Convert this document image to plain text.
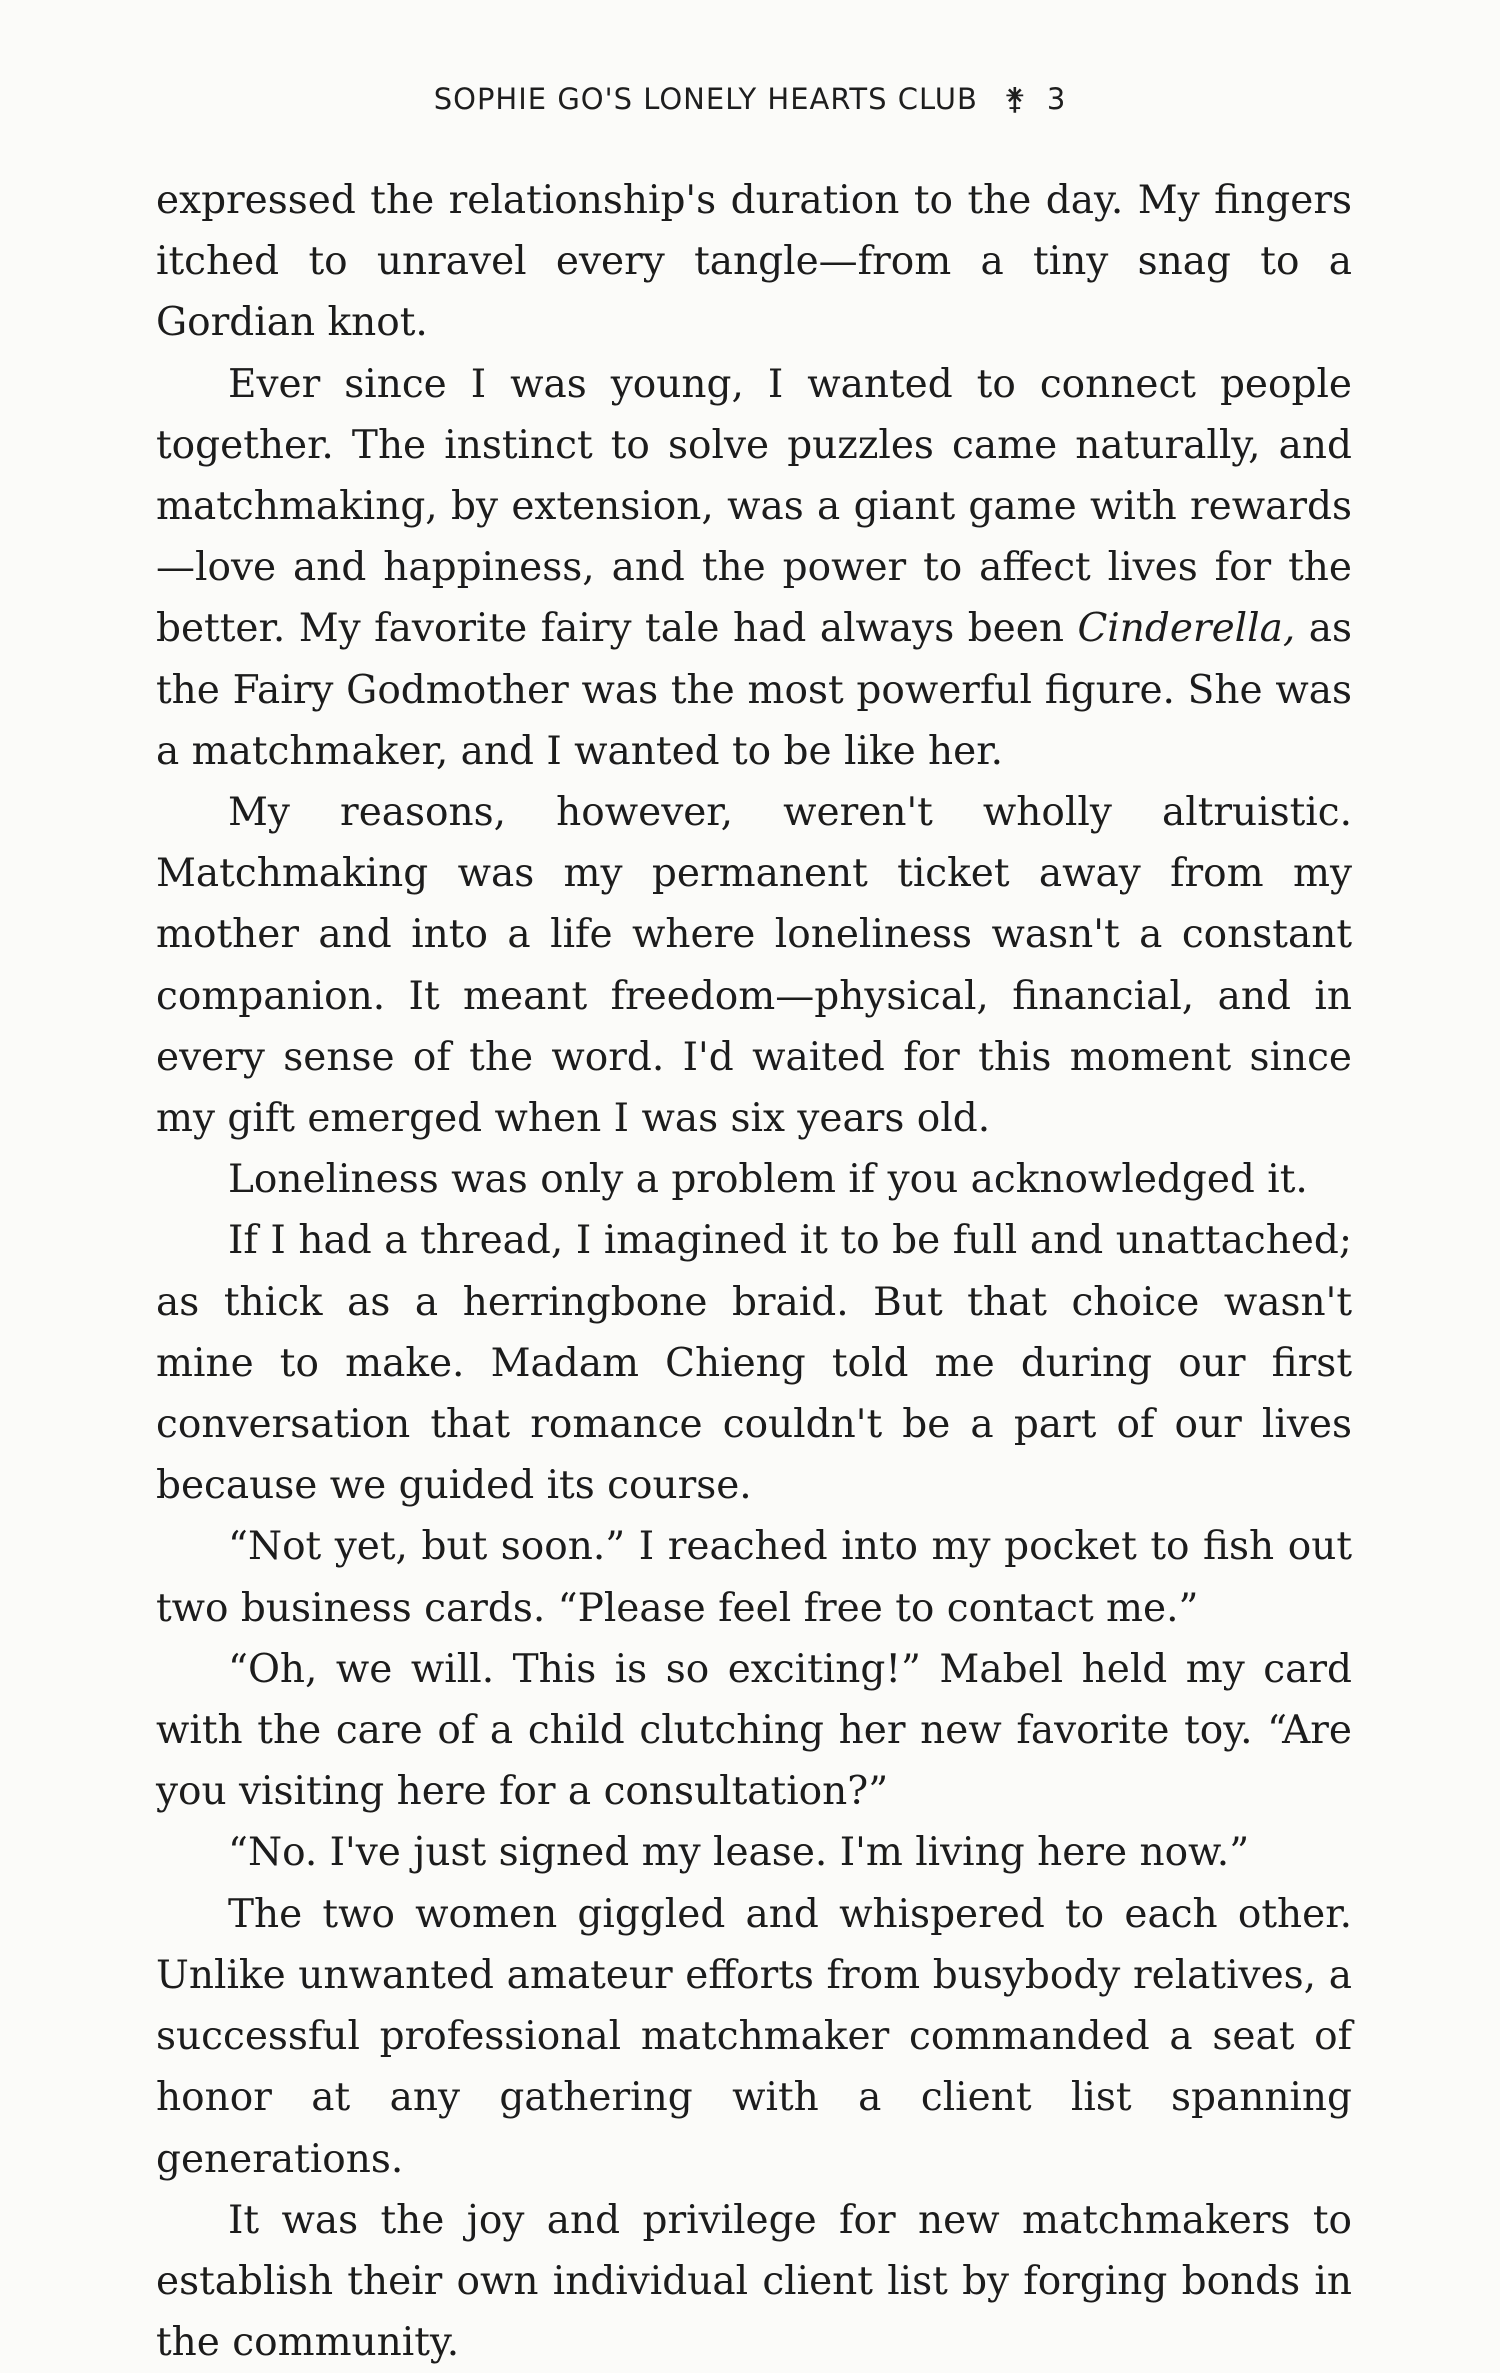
SOPHIE GO'S LONELY HEARTS CLUB ⚵ 3

expressed the relationship's duration to the day. My fingers itched to unravel every tangle—from a tiny snag to a Gordian knot.

Ever since I was young, I wanted to connect people together. The instinct to solve puzzles came naturally, and matchmaking, by extension, was a giant game with rewards—love and happiness, and the power to affect lives for the better. My favorite fairy tale had always been Cinderella, as the Fairy Godmother was the most powerful figure. She was a matchmaker, and I wanted to be like her.

My reasons, however, weren't wholly altruistic. Matchmaking was my permanent ticket away from my mother and into a life where loneliness wasn't a constant companion. It meant freedom—physical, financial, and in every sense of the word. I'd waited for this moment since my gift emerged when I was six years old.

Loneliness was only a problem if you acknowledged it.

If I had a thread, I imagined it to be full and unattached; as thick as a herringbone braid. But that choice wasn't mine to make. Madam Chieng told me during our first conversation that romance couldn't be a part of our lives because we guided its course.

“Not yet, but soon.” I reached into my pocket to fish out two business cards. “Please feel free to contact me.”

“Oh, we will. This is so exciting!” Mabel held my card with the care of a child clutching her new favorite toy. “Are you visiting here for a consultation?”

“No. I've just signed my lease. I'm living here now.”

The two women giggled and whispered to each other. Unlike unwanted amateur efforts from busybody relatives, a successful professional matchmaker commanded a seat of honor at any gathering with a client list spanning generations.

It was the joy and privilege for new matchmakers to establish their own individual client list by forging bonds in the community.
